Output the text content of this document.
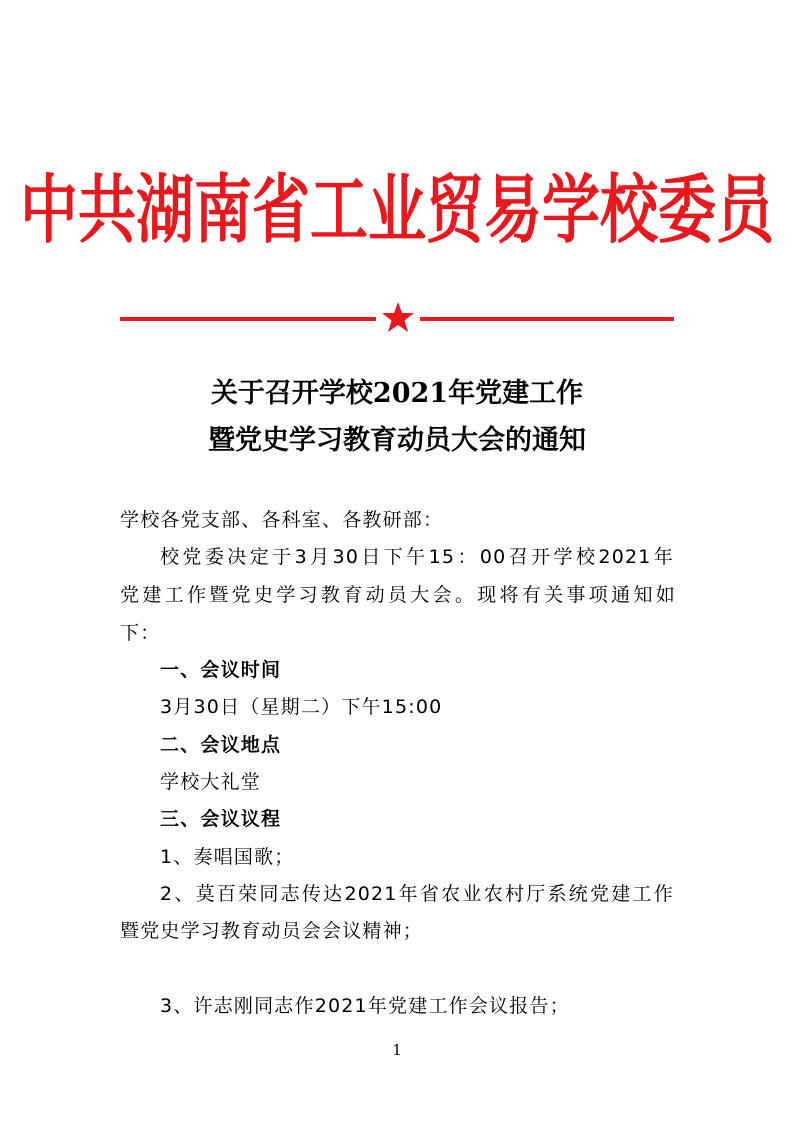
中共湖南省工业贸易学校委员
关于召开学校2021年党建工作
暨党史学习教育动员大会的通知
学校各党支部、各科室、各教研部：
校党委决定于3月30日下午15：00召开学校2021年
党建工作暨党史学习教育动员大会。现将有关事项通知如
下：
一、会议时间
3月30日（星期二）下午15:00
二、会议地点
学校大礼堂
三、会议议程
1、奏唱国歌；
2、莫百荣同志传达2021年省农业农村厅系统党建工作
暨党史学习教育动员会会议精神；
3、许志刚同志作2021年党建工作会议报告；
1
